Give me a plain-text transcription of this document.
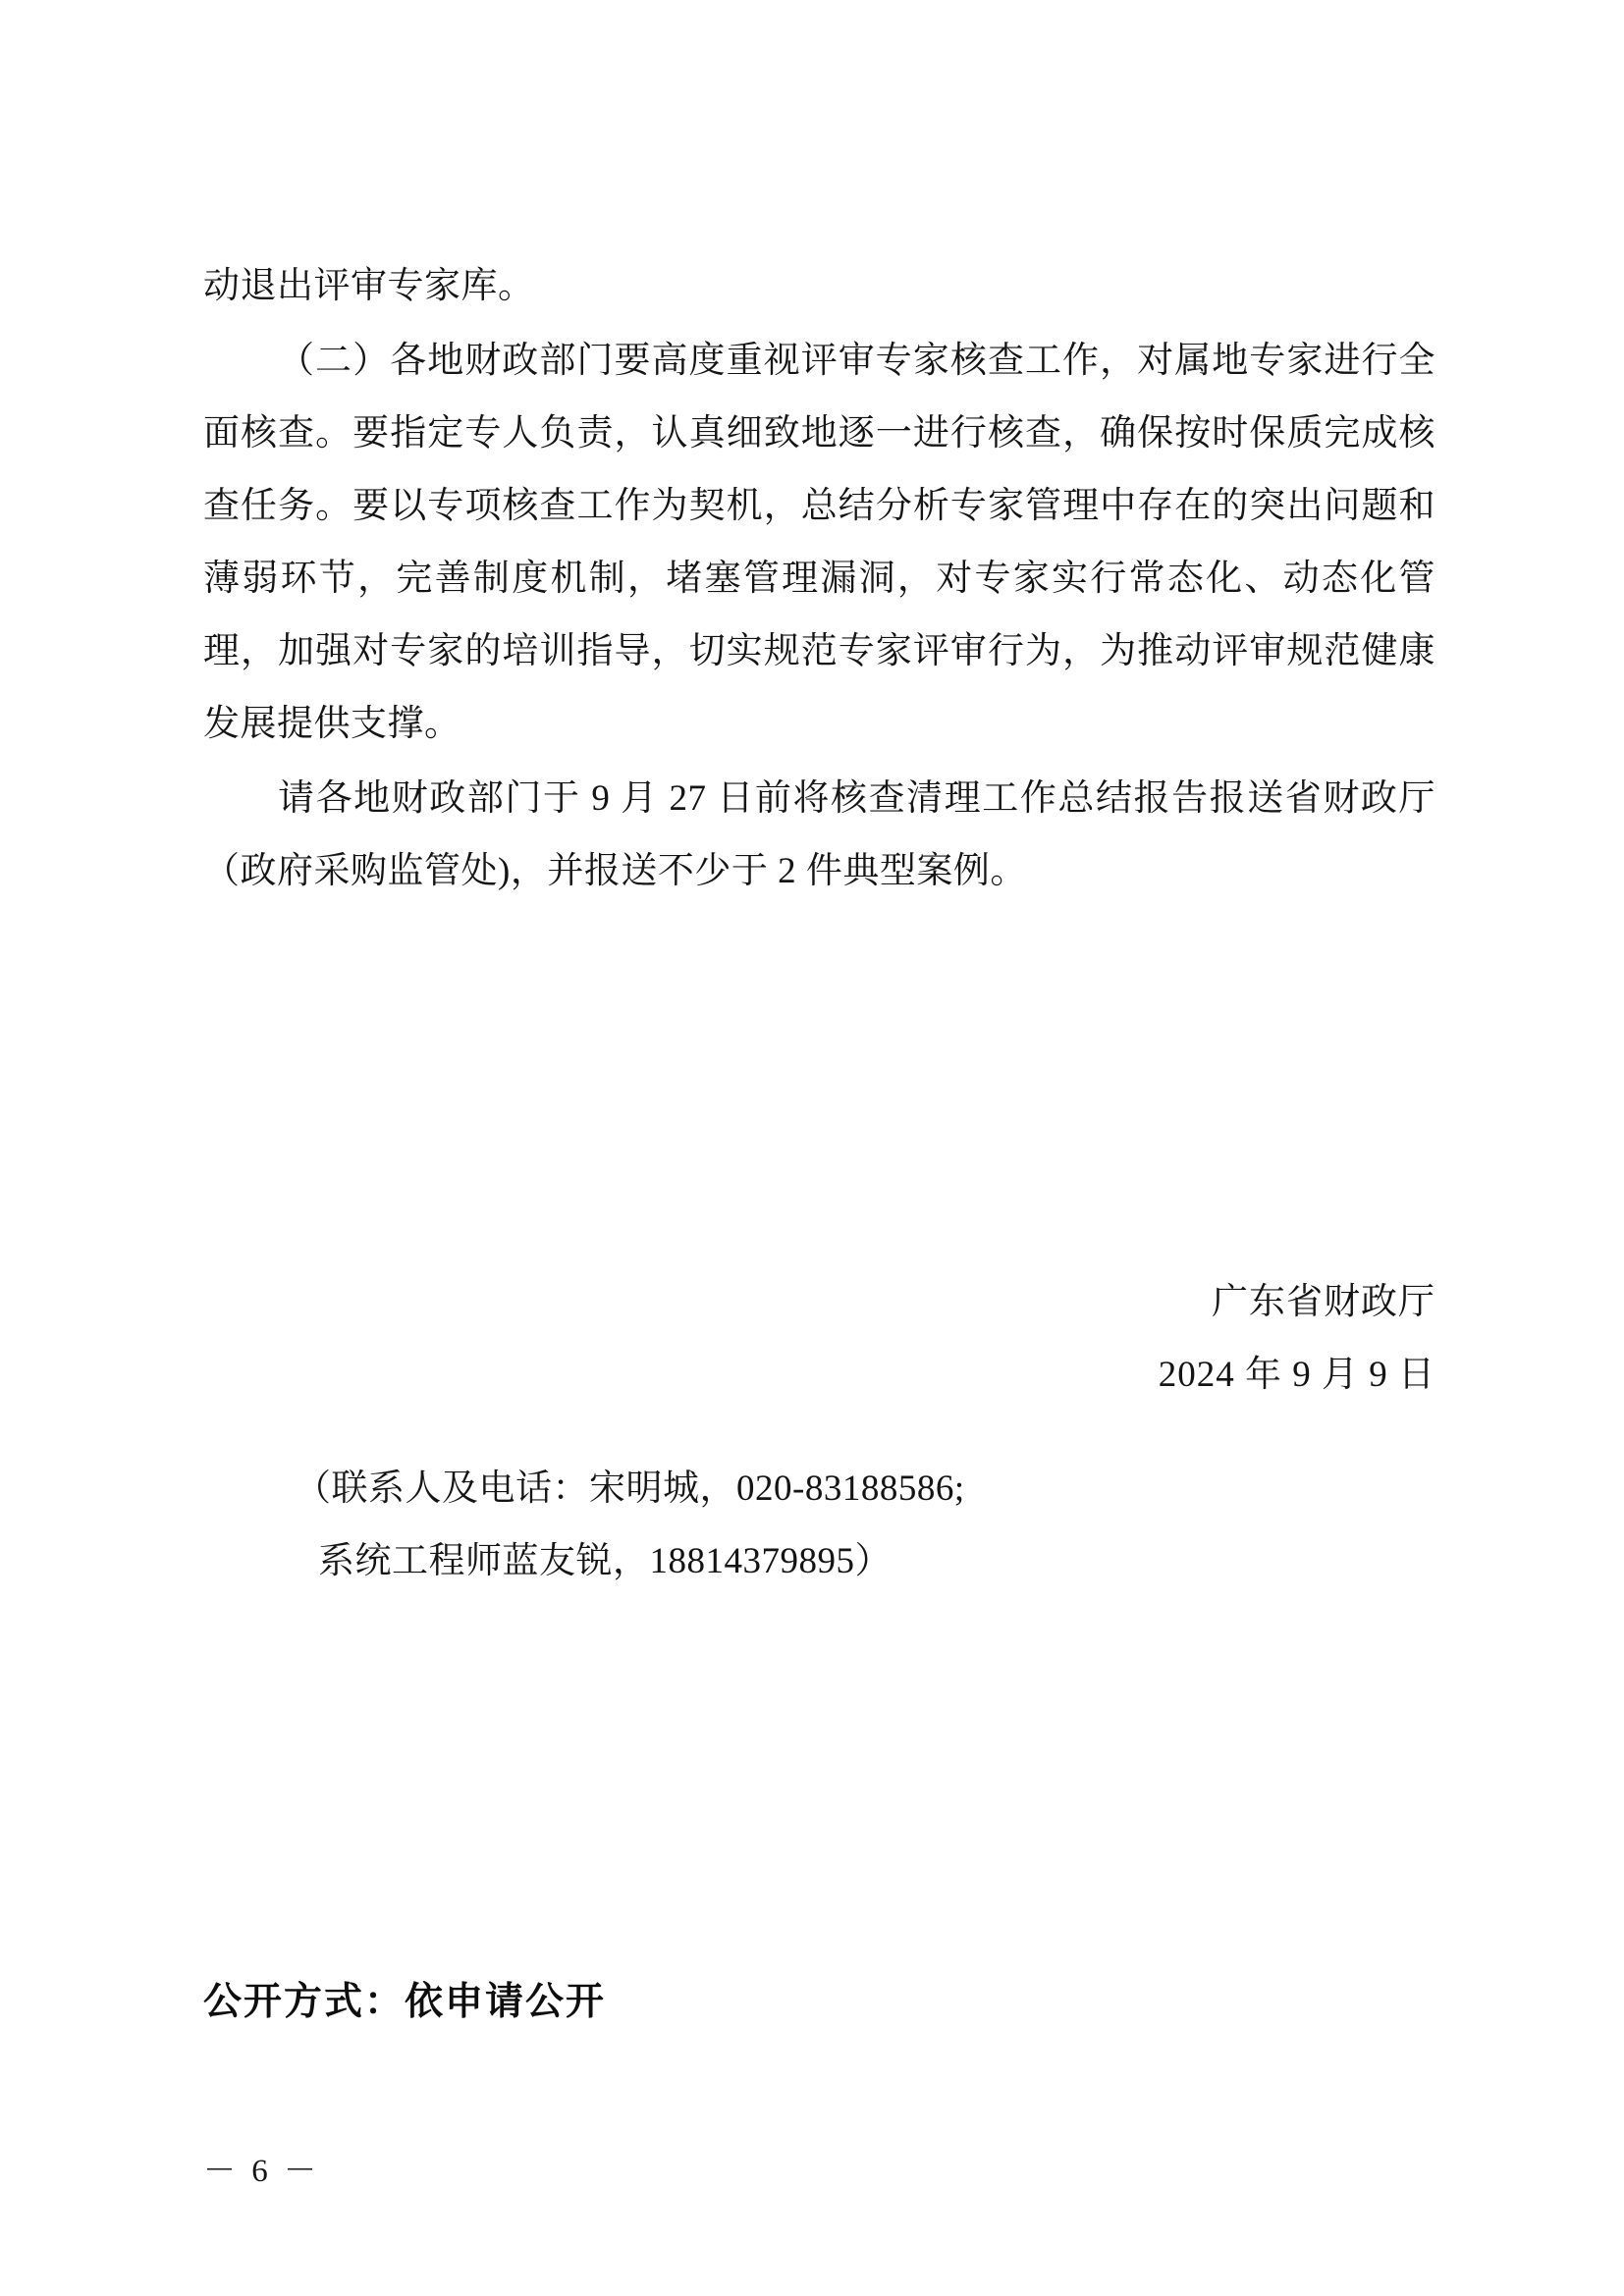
动退出评审专家库。

（二）各地财政部门要高度重视评审专家核查工作，对属地专家进行全面核查。要指定专人负责，认真细致地逐一进行核查，确保按时保质完成核查任务。要以专项核查工作为契机，总结分析专家管理中存在的突出问题和薄弱环节，完善制度机制，堵塞管理漏洞，对专家实行常态化、动态化管理，加强对专家的培训指导，切实规范专家评审行为，为推动评审规范健康发展提供支撑。

请各地财政部门于 9 月 27 日前将核查清理工作总结报告报送省财政厅（政府采购监管处)，并报送不少于 2 件典型案例。

广东省财政厅
2024 年 9 月 9 日
（联系人及电话：宋明城，020-83188586;
系统工程师蓝友锐，18814379895）
公开方式：依申请公开
－ 6 －
